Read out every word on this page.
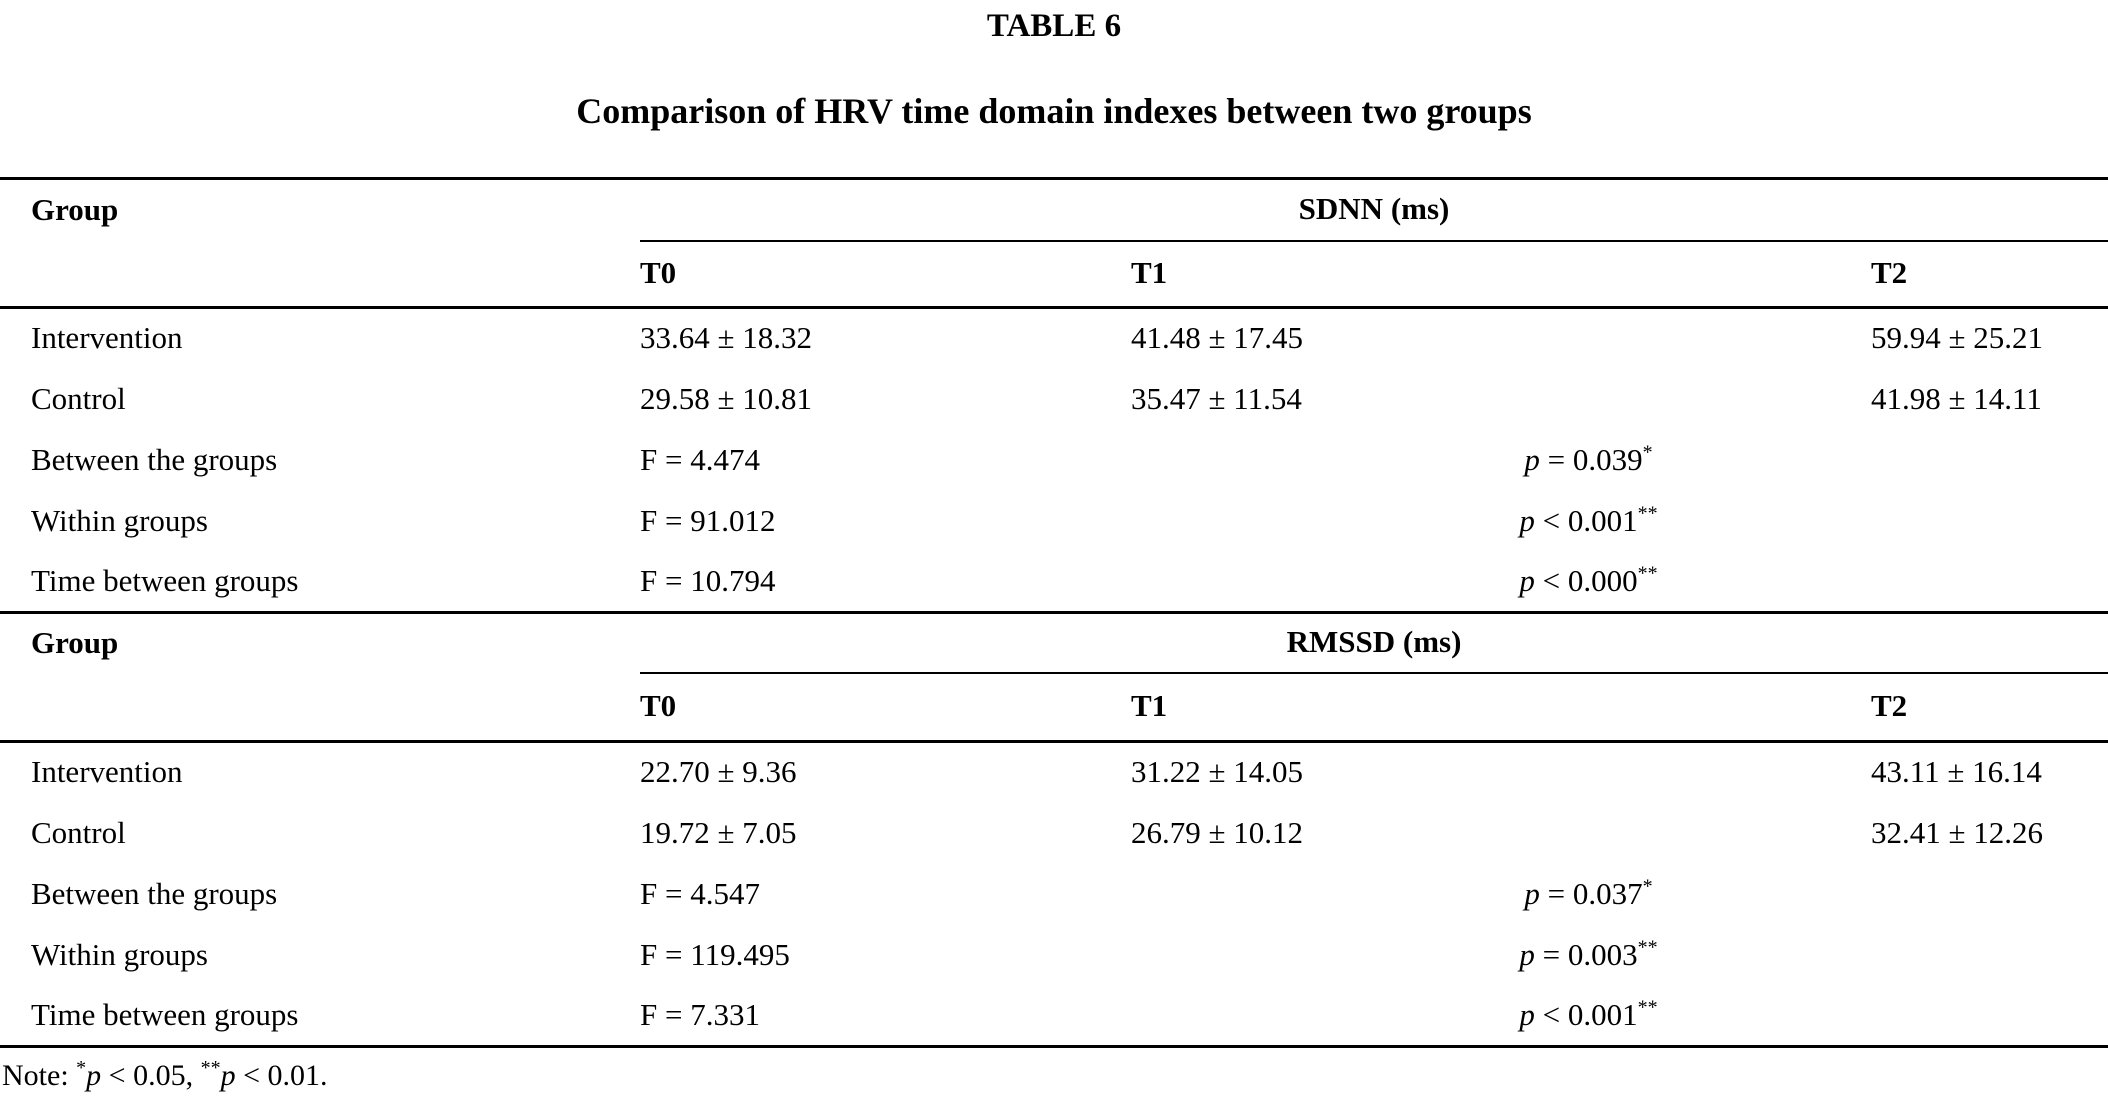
TABLE 6
Comparison of HRV time domain indexes between two groups
Group	SDNN (ms)		
	T0	T1	T2
Intervention	33.64 ± 18.32	41.48 ± 17.45	59.94 ± 25.21
Control	29.58 ± 10.81	35.47 ± 11.54	41.98 ± 14.11
Between the groups	F = 4.474	p = 0.039*
Within groups	F = 91.012	p < 0.001**
Time between groups	F = 10.794	p < 0.000**
Group	RMSSD (ms)		
	T0	T1	T2
Intervention	22.70 ± 9.36	31.22 ± 14.05	43.11 ± 16.14
Control	19.72 ± 7.05	26.79 ± 10.12	32.41 ± 12.26
Between the groups	F = 4.547	p = 0.037*
Within groups	F = 119.495	p = 0.003**
Time between groups	F = 7.331	p < 0.001**
Note: *p < 0.05, **p < 0.01.
